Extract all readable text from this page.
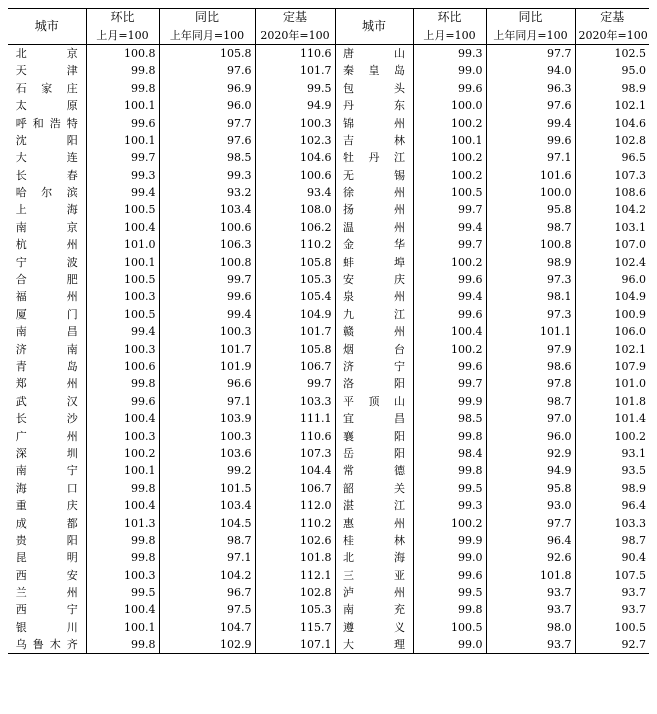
城市	环比	同比	定基	城市	环比	同比	定基
	上月=100	上年同月=100	2020年=100		上月=100	上年同月=100	2020年=100
北京	100.8	105.8	110.6	唐山	99.3	97.7	102.5
天津	99.8	97.6	101.7	秦皇岛	99.0	94.0	95.0
石家庄	99.8	96.9	99.5	包头	99.6	96.3	98.9
太原	100.1	96.0	94.9	丹东	100.0	97.6	102.1
呼和浩特	99.6	97.7	100.3	锦州	100.2	99.4	104.6
沈阳	100.1	97.6	102.3	吉林	100.1	99.6	102.8
大连	99.7	98.5	104.6	牡丹江	100.2	97.1	96.5
长春	99.3	99.3	100.6	无锡	100.2	101.6	107.3
哈尔滨	99.4	93.2	93.4	徐州	100.5	100.0	108.6
上海	100.5	103.4	108.0	扬州	99.7	95.8	104.2
南京	100.4	100.6	106.2	温州	99.4	98.7	103.1
杭州	101.0	106.3	110.2	金华	99.7	100.8	107.0
宁波	100.1	100.8	105.8	蚌埠	100.2	98.9	102.4
合肥	100.5	99.7	105.3	安庆	99.6	97.3	96.0
福州	100.3	99.6	105.4	泉州	99.4	98.1	104.9
厦门	100.5	99.4	104.9	九江	99.6	97.3	100.9
南昌	99.4	100.3	101.7	赣州	100.4	101.1	106.0
济南	100.3	101.7	105.8	烟台	100.2	97.9	102.1
青岛	100.6	101.9	106.7	济宁	99.6	98.6	107.9
郑州	99.8	96.6	99.7	洛阳	99.7	97.8	101.0
武汉	99.6	97.1	103.3	平顶山	99.9	98.7	101.8
长沙	100.4	103.9	111.1	宜昌	98.5	97.0	101.4
广州	100.3	100.3	110.6	襄阳	99.8	96.0	100.2
深圳	100.2	103.6	107.3	岳阳	98.4	92.9	93.1
南宁	100.1	99.2	104.4	常德	99.8	94.9	93.5
海口	99.8	101.5	106.7	韶关	99.5	95.8	98.9
重庆	100.4	103.4	112.0	湛江	99.3	93.0	96.4
成都	101.3	104.5	110.2	惠州	100.2	97.7	103.3
贵阳	99.8	98.7	102.6	桂林	99.9	96.4	98.7
昆明	99.8	97.1	101.8	北海	99.0	92.6	90.4
西安	100.3	104.2	112.1	三亚	99.6	101.8	107.5
兰州	99.5	96.7	102.8	泸州	99.5	93.7	93.7
西宁	100.4	97.5	105.3	南充	99.8	93.7	93.7
银川	100.1	104.7	115.7	遵义	100.5	98.0	100.5
乌鲁木齐	99.8	102.9	107.1	大理	99.0	93.7	92.7
